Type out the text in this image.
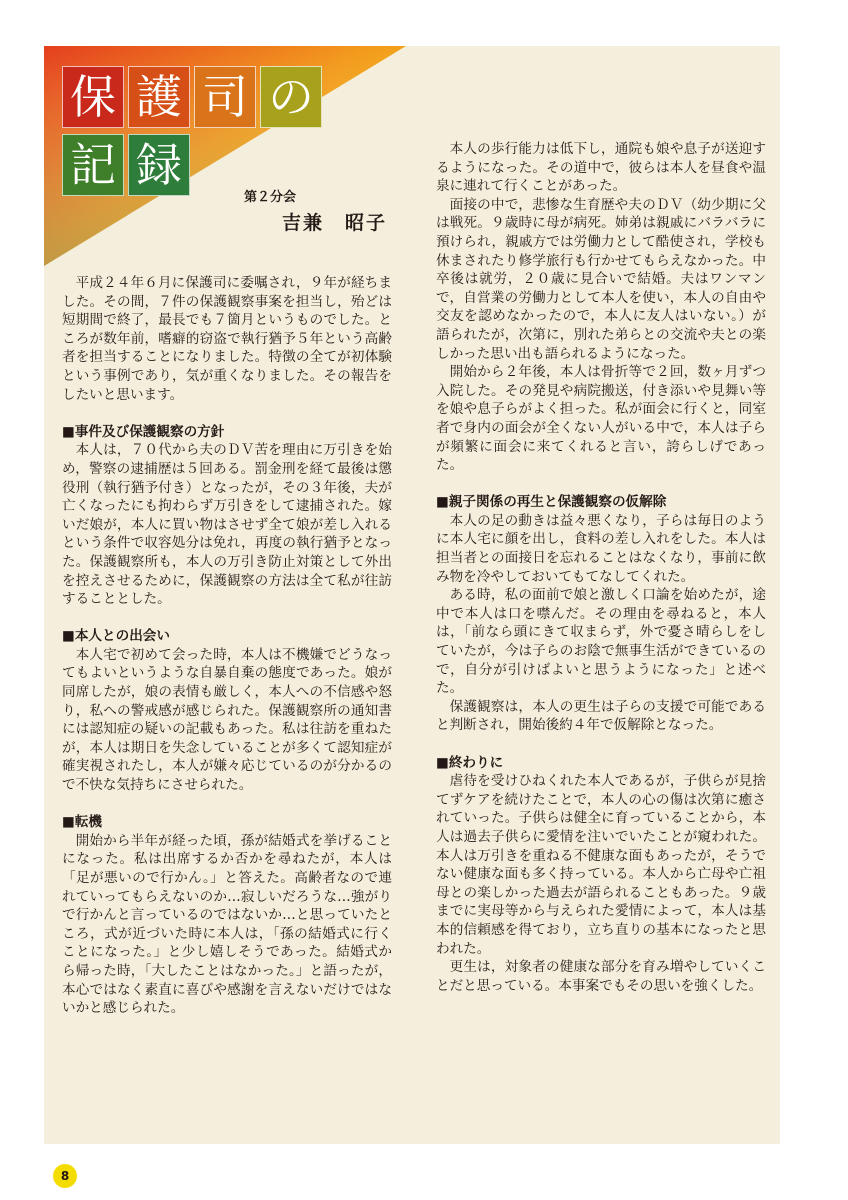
保 護 司 の
記 録
第２分会
吉兼　昭子

平成２４年６月に保護司に委嘱され，９年が経ちました。その間，７件の保護観察事案を担当し，殆どは短期間で終了，最長でも７箇月というものでした。ところが数年前，嗜癖的窃盗で執行猶予５年という高齢者を担当することになりました。特徴の全てが初体験という事例であり，気が重くなりました。その報告をしたいと思います。

■事件及び保護観察の方針

本人は，７０代から夫のＤＶ苦を理由に万引きを始め，警察の逮捕歴は５回ある。罰金刑を経て最後は懲役刑（執行猶予付き）となったが，その３年後，夫が亡くなったにも拘わらず万引きをして逮捕された。嫁いだ娘が，本人に買い物はさせず全て娘が差し入れるという条件で収容処分は免れ，再度の執行猶予となった。保護観察所も，本人の万引き防止対策として外出を控えさせるために，保護観察の方法は全て私が往訪することとした。

■本人との出会い

本人宅で初めて会った時，本人は不機嫌でどうなってもよいというような自暴自棄の態度であった。娘が同席したが，娘の表情も厳しく，本人への不信感や怒り，私への警戒感が感じられた。保護観察所の通知書には認知症の疑いの記載もあった。私は往訪を重ねたが，本人は期日を失念していることが多くて認知症が確実視されたし，本人が嫌々応じているのが分かるので不快な気持ちにさせられた。

■転機

開始から半年が経った頃，孫が結婚式を挙げることになった。私は出席するか否かを尋ねたが，本人は「足が悪いので行かん。」と答えた。高齢者なので連れていってもらえないのか…寂しいだろうな…強がりで行かんと言っているのではないか…と思っていたところ，式が近づいた時に本人は，「孫の結婚式に行くことになった。」と少し嬉しそうであった。結婚式から帰った時，「大したことはなかった。」と語ったが，本心ではなく素直に喜びや感謝を言えないだけではないかと感じられた。

本人の歩行能力は低下し，通院も娘や息子が送迎するようになった。その道中で，彼らは本人を昼食や温泉に連れて行くことがあった。

面接の中で，悲惨な生育歴や夫のＤＶ（幼少期に父は戦死。９歳時に母が病死。姉弟は親戚にバラバラに預けられ，親戚方では労働力として酷使され，学校も休まされたり修学旅行も行かせてもらえなかった。中卒後は就労，２０歳に見合いで結婚。夫はワンマンで，自営業の労働力として本人を使い，本人の自由や交友を認めなかったので，本人に友人はいない。）が語られたが，次第に，別れた弟らとの交流や夫との楽しかった思い出も語られるようになった。

開始から２年後，本人は骨折等で２回，数ヶ月ずつ入院した。その発見や病院搬送，付き添いや見舞い等を娘や息子らがよく担った。私が面会に行くと，同室者で身内の面会が全くない人がいる中で，本人は子らが頻繁に面会に来てくれると言い，誇らしげであった。

■親子関係の再生と保護観察の仮解除

本人の足の動きは益々悪くなり，子らは毎日のように本人宅に顔を出し，食料の差し入れをした。本人は担当者との面接日を忘れることはなくなり，事前に飲み物を冷やしておいてもてなしてくれた。

ある時，私の面前で娘と激しく口論を始めたが，途中で本人は口を噤んだ。その理由を尋ねると，本人は，「前なら頭にきて収まらず，外で憂さ晴らしをしていたが，今は子らのお陰で無事生活ができているので，自分が引けばよいと思うようになった」と述べた。

保護観察は，本人の更生は子らの支援で可能であると判断され，開始後約４年で仮解除となった。

■終わりに

虐待を受けひねくれた本人であるが，子供らが見捨てずケアを続けたことで，本人の心の傷は次第に癒されていった。子供らは健全に育っていることから，本人は過去子供らに愛情を注いでいたことが窺われた。本人は万引きを重ねる不健康な面もあったが，そうでない健康な面も多く持っている。本人から亡母や亡祖母との楽しかった過去が語られることもあった。９歳までに実母等から与えられた愛情によって，本人は基本的信頼感を得ており，立ち直りの基本になったと思われた。

更生は，対象者の健康な部分を育み増やしていくことだと思っている。本事案でもその思いを強くした。

8
